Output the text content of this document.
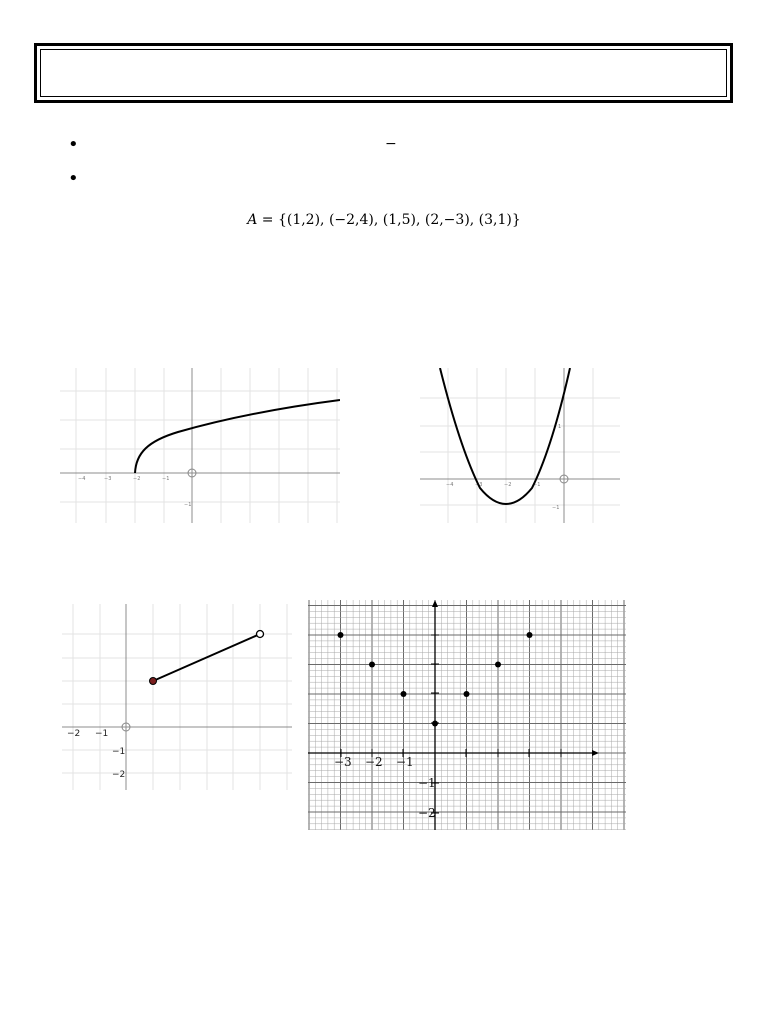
•
•
−
A = {(1,2), (−2,4), (1,5), (2,−3), (3,1)}
−4	−3	−2	−1
−1
−4	−3	−2	−1
−1
1
−2 −1
−1
−2
−3 −2 −1
−1
−2
